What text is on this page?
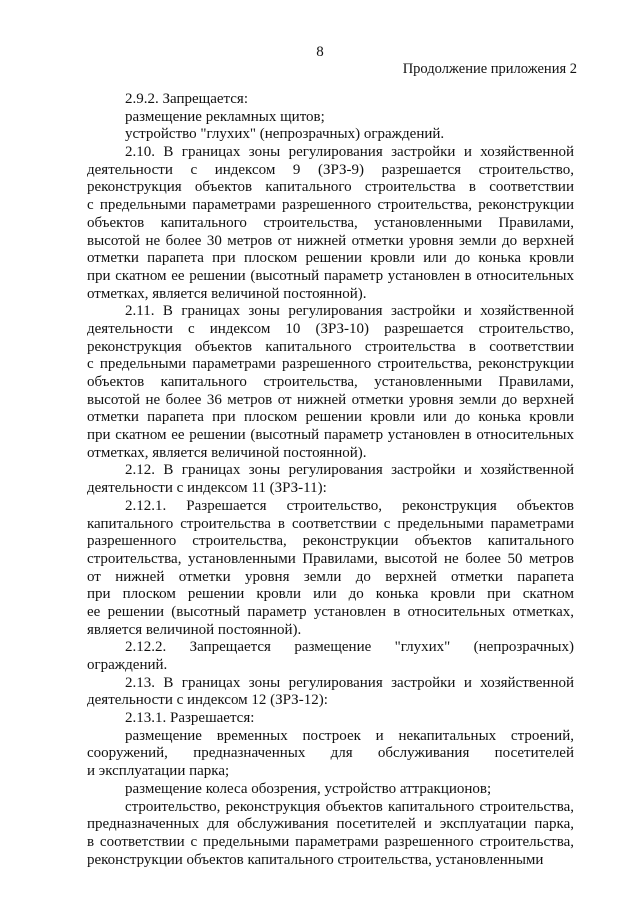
8
Продолжение приложения 2
2.9.2. Запрещается:
размещение рекламных щитов;
устройство "глухих" (непрозрачных) ограждений.
2.10. В границах зоны регулирования застройки и хозяйственной
деятельности с индексом 9 (ЗРЗ-9) разрешается строительство,
реконструкция объектов капитального строительства в соответствии
с предельными параметрами разрешенного строительства, реконструкции
объектов капитального строительства, установленными Правилами,
высотой не более 30 метров от нижней отметки уровня земли до верхней
отметки парапета при плоском решении кровли или до конька кровли
при скатном ее решении (высотный параметр установлен в относительных
отметках, является величиной постоянной).
2.11. В границах зоны регулирования застройки и хозяйственной
деятельности с индексом 10 (ЗРЗ-10) разрешается строительство,
реконструкция объектов капитального строительства в соответствии
с предельными параметрами разрешенного строительства, реконструкции
объектов капитального строительства, установленными Правилами,
высотой не более 36 метров от нижней отметки уровня земли до верхней
отметки парапета при плоском решении кровли или до конька кровли
при скатном ее решении (высотный параметр установлен в относительных
отметках, является величиной постоянной).
2.12. В границах зоны регулирования застройки и хозяйственной
деятельности с индексом 11 (ЗРЗ-11):
2.12.1. Разрешается строительство, реконструкция объектов
капитального строительства в соответствии с предельными параметрами
разрешенного строительства, реконструкции объектов капитального
строительства, установленными Правилами, высотой не более 50 метров
от нижней отметки уровня земли до верхней отметки парапета
при плоском решении кровли или до конька кровли при скатном
ее решении (высотный параметр установлен в относительных отметках,
является величиной постоянной).
2.12.2. Запрещается размещение "глухих" (непрозрачных)
ограждений.
2.13. В границах зоны регулирования застройки и хозяйственной
деятельности с индексом 12 (ЗРЗ-12):
2.13.1. Разрешается:
размещение временных построек и некапитальных строений,
сооружений, предназначенных для обслуживания посетителей
и эксплуатации парка;
размещение колеса обозрения, устройство аттракционов;
строительство, реконструкция объектов капитального строительства,
предназначенных для обслуживания посетителей и эксплуатации парка,
в соответствии с предельными параметрами разрешенного строительства,
реконструкции объектов капитального строительства, установленными
